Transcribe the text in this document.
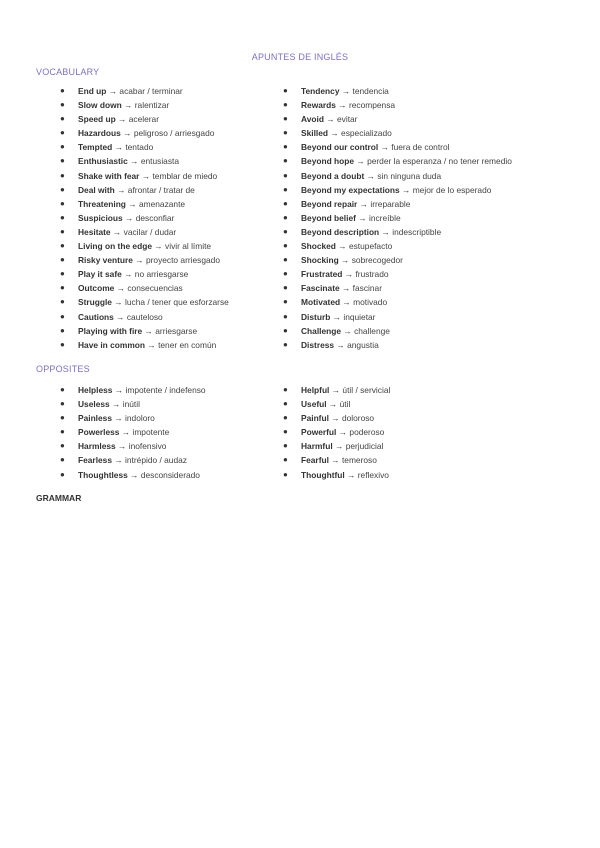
APUNTES DE INGLÉS
VOCABULARY
● End up → acabar / terminar
● Slow down → ralentizar
● Speed up → acelerar
● Hazardous → peligroso / arriesgado
● Tempted → tentado
● Enthusiastic → entusiasta
● Shake with fear → temblar de miedo
● Deal with → afrontar / tratar de
● Threatening → amenazante
● Suspicious → desconfiar
● Hesitate → vacilar / dudar
● Living on the edge → vivir al límite
● Risky venture → proyecto arriesgado
● Play it safe → no arriesgarse
● Outcome → consecuencias
● Struggle → lucha / tener que esforzarse
● Cautions → cauteloso
● Playing with fire → arriesgarse
● Have in common → tener en común
● Tendency → tendencia
● Rewards → recompensa
● Avoid → evitar
● Skilled → especializado
● Beyond our control → fuera de control
● Beyond hope → perder la esperanza / no tener remedio
● Beyond a doubt → sin ninguna duda
● Beyond my expectations → mejor de lo esperado
● Beyond repair → irreparable
● Beyond belief → increíble
● Beyond description → indescriptible
● Shocked → estupefacto
● Shocking → sobrecogedor
● Frustrated → frustrado
● Fascinate → fascinar
● Motivated → motivado
● Disturb → inquietar
● Challenge → challenge
● Distress → angustia
OPPOSITES
● Helpless → impotente / indefenso
● Useless → inútil
● Painless → indoloro
● Powerless → impotente
● Harmless → inofensivo
● Fearless → intrépido / audaz
● Thoughtless → desconsiderado
● Helpful → útil / servicial
● Useful → útil
● Painful → doloroso
● Powerful → poderoso
● Harmful → perjudicial
● Fearful → temeroso
● Thoughtful → reflexivo
GRAMMAR
